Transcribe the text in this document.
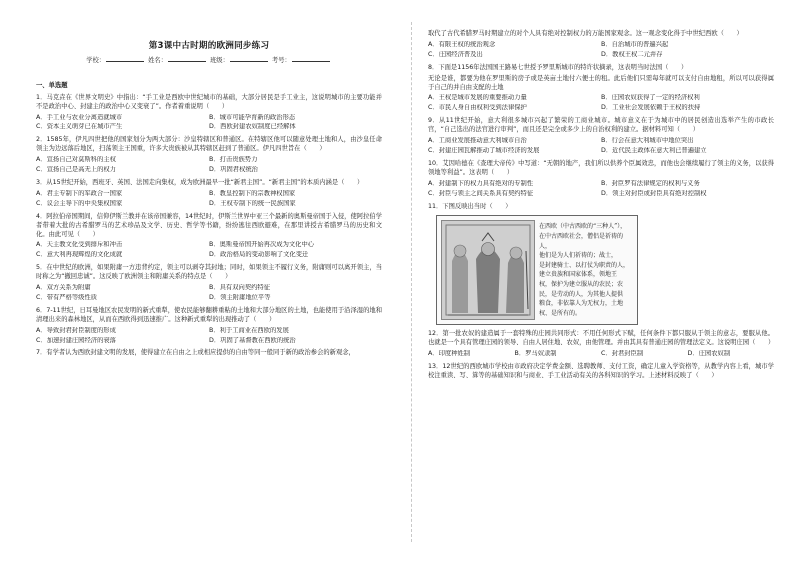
第3课中古时期的欧洲同步练习
学校：	姓名：	班级：	考号：
一、单选题
1．马克垚在《世界文明史》中指出：“手工业是西欧中世纪城市的基础，大部分居民是手工业主，这说明城市的主要功能并不是政治中心、封建主的政治中心又变衰了”。作者着重说明（　　）
A．手工业与农业分离造就城市	B．城市可能孕育新的政治形态
C．资本主义萌芽已在城市产生	D．西欧封建农奴制度已经解体
2．1585年，伊凡四世把他的国家划分为两大部分：沙皇特辖区和普通区。在特辖区他可以随意处理土地和人，由沙皇任命领主为边远落后地区，扫荡领主王国重，许多大贵族被从其特辖区赶到了普通区。伊凡四世旨在（　　）
A．宣扬自己对莫斯科的主权	B．打击贵族势力
C．宣扬自己是高无上的权力	D．巩固君权统治
3．从15世纪开始，西班牙、英国、法国走向集权，成为欧洲最早一批“新君主国”。“新君主国”的本质内涵是（　　）
A．君主专制下的军政合一国家	B．教皇控制下的宗教神权国家
C．议会主导下的中央集权国家	D．王权专制下的统一民族国家
4．阿拉伯帝国期间，信仰伊斯兰教并在该帝国兼容，14世纪时，伊斯兰世界中亚三个最新的奥斯曼帝国于入侵，使阿拉伯学者带着大批的古希腊罗马的艺术珍品及文学、历史、哲学等书籍，纷纷逃往西欧避难，在那里讲授古希腊罗马的历史和文化。由此可见（　　）
A．天主教文化受到排斥和冲击	B．奥斯曼帝国开始再次成为文化中心
C．意大利再现辉煌的文化成就	D．政治格局的变动影响了文化变迁
5．在中世纪的欧洲，如果附庸一方违背约定，领主可以剥夺其封地；同时，如果领主不履行义务，附庸则可以离开领主，当时称之为“撤回忠诚”。这反映了欧洲领主和附庸关系的特点是（　　）
A．双方关系为附庸	B．具有双向契约特征
C．带有严格等级性质	D．领主附庸地位平等
6．7-11世纪，日耳曼地区农民发明的新式重犁，使农民能够翻耕重粘的土地和大部分地区的土地，也能使用于沿泽湿的地和清理出来的森林地区，从而在西欧得到迅速推广。这种新式重犁的出现推动了（　　）
A．导致封君封臣制度的形成	B．利于工商业在西欧的发展
C．加速封建庄园经济的衰落	D．巩固了基督教在西欧的统治
7．有学者认为西欧封建文明的发展，使得建立在自由之上或相应提供的自由等同一般同于新的政治参会的新观念，
取代了古代希腊罗马时期建立的对个人具有绝对控制权力的万能国家观念。这一观念变化得于中世纪西欧（　　）
A．有限王权的统治观念	B．自治城市的普遍兴起
C．庄园经济普及出	D．教权王权二元并存
8．下面是1156年法国国王路易七世授予罗里斯城市的特许状摘录，这表明当时法国（　　）
无论是谁，都要为他在罗里斯的房子或是英亩土地付六便士的租。此后他们只需每年就可以支付自由地租，所以可以获得属于自己的并自由支配的土地
A．王权是城市发展的重要推动力量	B．庄园农奴获得了一定的经济权利
C．市民人身自由权利受到法律保护	D．工业社会发展依赖于王权的扶持
9．从11世纪开始，意大利很多城市兴起了繁荣的工商业城市。城市意义在于为城市中的居民创造出选举产生的市政长官，“自己选出的法官进行审判”，而且还是完全或多少上的自治权利的建立。据材料可知（　　）
A．工商业发展推动意大利城市自治	B．行会在意大利城市中地位突出
C．封建庄园瓦解推动了城市经济的发展	D．近代民主政体在意大利已普遍建立
10．艾因哈德在《查理大帝传》中写道：“无朝的地产，我们所以供养个臣属效忠，而他也会继续履行了领主的义务，以获得领地等利益”。这表明（　　）
A．封建制下的权力具有绝对的专制性	B．封臣罗有法律规定的权利与义务
C．封臣与领主之间关系具有契约特征	D．领主对封臣或封臣具有绝对控制权
11．下图反映出当时（　　）
在西欧（中古西欧的“三种人”），
在中古西欧社会，僧侣是祈祷的人，
他们是为人们祈祷的；战士，
是封建骑士、以打仗为职责的人，
建立贵族和国家体系，领地王
权，保护为建立服从的农民；农
民，是劳动的人，为其他人提供
粮食，非依靠人为无权力，土地权、是所有的。
12．第一批农奴的建造属于一套特殊的庄园共同形式：不用任何形式下赋，任何条件下都只服从于领主的意志，要服从他。也就是一个具有管理庄园的领导、自由人居住地、农奴，由他管理。并由其具有普通庄园的管理法定义。这说明庄园（　　）
A．印度种姓制	B．罗马奴隶制	C．封君封臣制	D．庄园农奴制
13．12世纪的西欧城市学校由市政府决定学费金额、选聘教师、支付工资，确定儿童入学资格等，从教学内容上看，城市学校注重读、写、算等的基础知识和与商业、手工业活动有关的各科知识的学习。上述材料反映了（　　）
